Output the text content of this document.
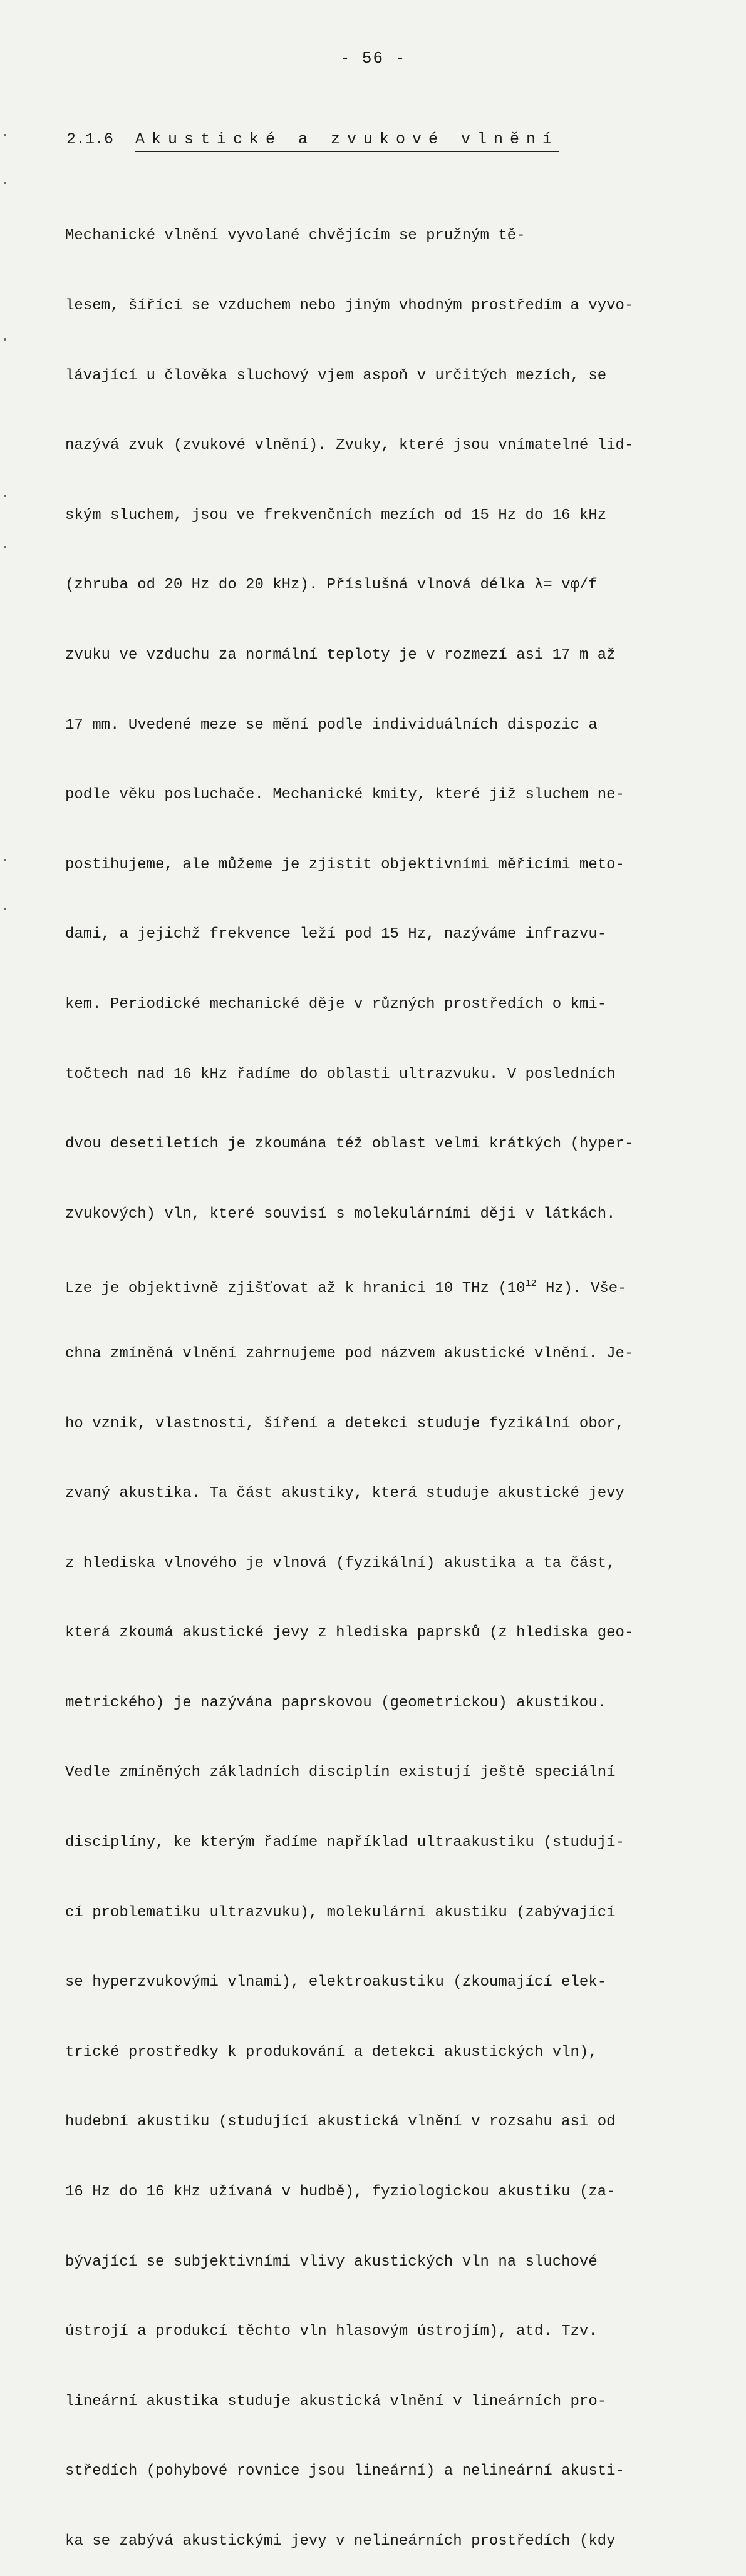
- 56 -
2.1.6 Akustické a zvukové vlnění

Mechanické vlnění vyvolané chvějícím se pružným tě-

lesem, šířící se vzduchem nebo jiným vhodným prostředím a vyvo-

lávající u člověka sluchový vjem aspoň v určitých mezích, se

nazývá zvuk (zvukové vlnění). Zvuky, které jsou vnímatelné lid-

ským sluchem, jsou ve frekvenčních mezích od 15 Hz do 16 kHz

(zhruba od 20 Hz do 20 kHz). Příslušná vlnová délka λ= vφ/f

zvuku ve vzduchu za normální teploty je v rozmezí asi 17 m až

17 mm. Uvedené meze se mění podle individuálních dispozic a

podle věku posluchače. Mechanické kmity, které již sluchem ne-

postihujeme, ale můžeme je zjistit objektivními měřicími meto-

dami, a jejichž frekvence leží pod 15 Hz, nazýváme infrazvu-

kem. Periodické mechanické děje v různých prostředích o kmi-

točtech nad 16 kHz řadíme do oblasti ultrazvuku. V posledních

dvou desetiletích je zkoumána též oblast velmi krátkých (hyper-

zvukových) vln, které souvisí s molekulárními ději v látkách.

Lze je objektivně zjišťovat až k hranici 10 THz ($10^{12}$ Hz). Vše-

chna zmíněná vlnění zahrnujeme pod názvem akustické vlnění. Je-

ho vznik, vlastnosti, šíření a detekci studuje fyzikální obor,

zvaný akustika. Ta část akustiky, která studuje akustické jevy

z hlediska vlnového je vlnová (fyzikální) akustika a ta část,

která zkoumá akustické jevy z hlediska paprsků (z hlediska geo-

metrického) je nazývána paprskovou (geometrickou) akustikou.

Vedle zmíněných základních disciplín existují ještě speciální

disciplíny, ke kterým řadíme například ultraakustiku (studují-

cí problematiku ultrazvuku), molekulární akustiku (zabývající

se hyperzvukovými vlnami), elektroakustiku (zkoumající elek-

trické prostředky k produkování a detekci akustických vln),

hudební akustiku (studující akustická vlnění v rozsahu asi od

16 Hz do 16 kHz užívaná v hudbě), fyziologickou akustiku (za-

bývající se subjektivními vlivy akustických vln na sluchové

ústrojí a produkcí těchto vln hlasovým ústrojím), atd. Tzv.

lineární akustika studuje akustická vlnění v lineárních pro-

středích (pohybové rovnice jsou lineární) a nelineární akusti-

ka se zabývá akustickými jevy v nelineárních prostředích (kdy
